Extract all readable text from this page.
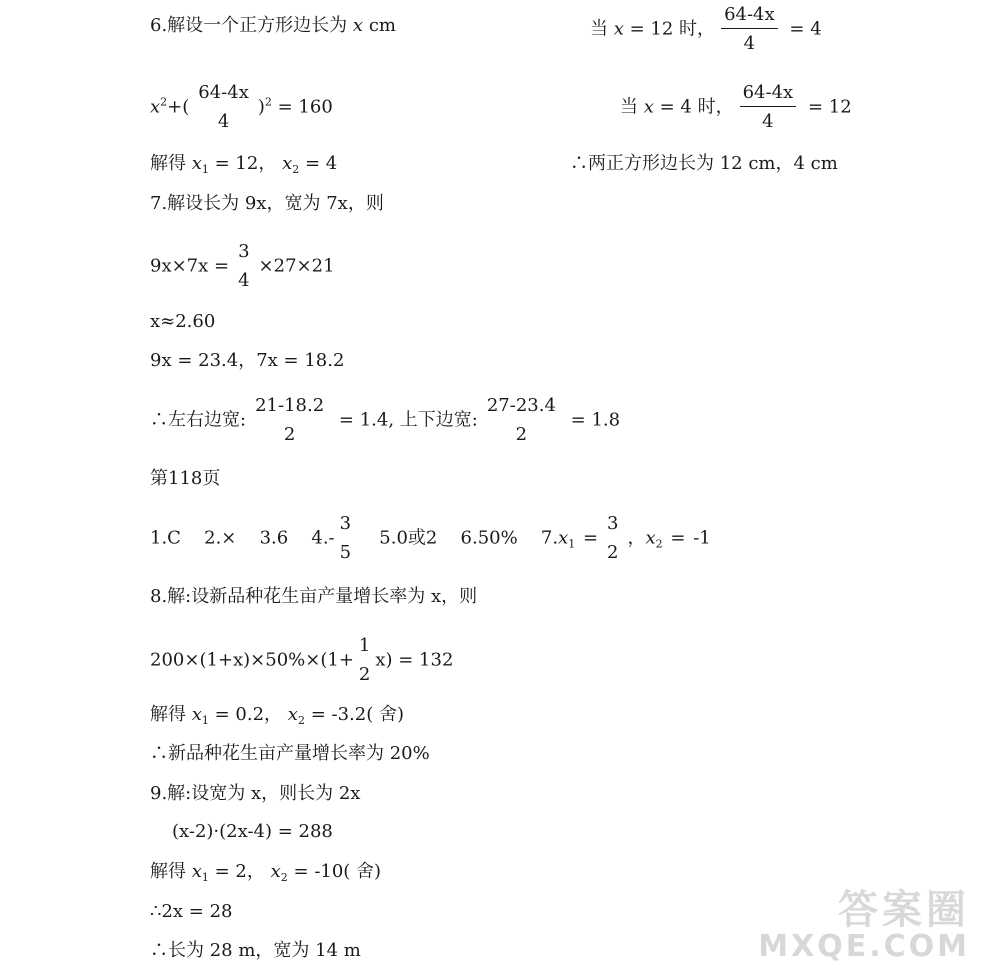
6.解设一个正方形边长为 x cm
$x^2+$(
64-4x
4
)$^2$ = 160
解得 $x_1 = 12$， $x_2 = 4$
当 x = 12 时， $\frac{64-4x}{4} = 4$
当 x = 4 时， $\frac{64-4x}{4} = 12$
∴两正方形边长为 12 cm，4 cm
7.解设长为 9x，宽为 7x，则
9x×7x =
3
4
×27×21
x≈2.60
9x = 23.4，7x = 18.2
∴左右边宽:
21-18.2
2
= 1.4, 上下边宽:
27-23.4
2
= 1.8
第118页
1.C 2.× 3.6 4.-
3
5
5.0或2 6.50% $7.x_1$ =
3
2
，$x_2 = -1$
8.解:设新品种花生亩产量增长率为 x，则
200×(1+x)×50%×(1+
1
2
x) = 132
解得 $x_1 = 0.2$， $x_2 = -3.2$( 舍)
∴新品种花生亩产量增长率为 20%
9.解:设宽为 x，则长为 2x
(x-2)·(2x-4) = 288
解得 $x_1 = 2$， $x_2 = -10$( 舍)
∴2x = 28
∴长为 28 m，宽为 14 m
答案圈
MXQE.COM
